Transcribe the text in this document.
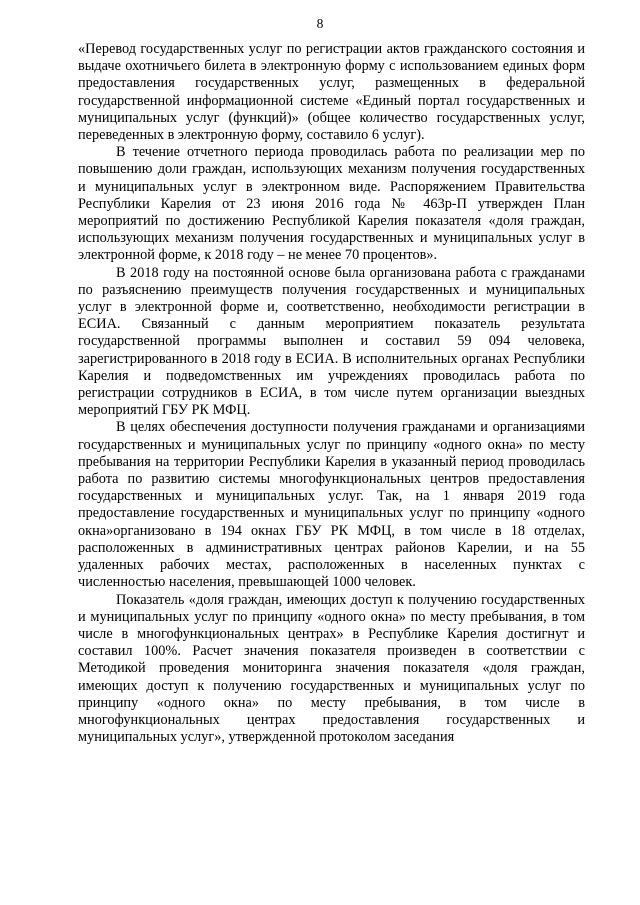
8

«Перевод государственных услуг по регистрации актов гражданского состояния и выдаче охотничьего билета в электронную форму с использованием единых форм предоставления государственных услуг, размещенных в федеральной государственной информационной системе «Единый портал государственных и муниципальных услуг (функций)» (общее количество государственных услуг, переведенных в электронную форму, составило 6 услуг).

В течение отчетного периода проводилась работа по реализации мер по повышению доли граждан, использующих механизм получения государственных и муниципальных услуг в электронном виде. Распоряжением Правительства Республики Карелия от 23 июня 2016 года № 463р-П утвержден План мероприятий по достижению Республикой Карелия показателя «доля граждан, использующих механизм получения государственных и муниципальных услуг в электронной форме, к 2018 году – не менее 70 процентов».

В 2018 году на постоянной основе была организована работа с гражданами по разъяснению преимуществ получения государственных и муниципальных услуг в электронной форме и, соответственно, необходимости регистрации в ЕСИА. Связанный с данным мероприятием показатель результата государственной программы выполнен и составил 59 094 человека, зарегистрированного в 2018 году в ЕСИА. В исполнительных органах Республики Карелия и подведомственных им учреждениях проводилась работа по регистрации сотрудников в ЕСИА, в том числе путем организации выездных мероприятий ГБУ РК МФЦ.

В целях обеспечения доступности получения гражданами и организациями государственных и муниципальных услуг по принципу «одного окна» по месту пребывания на территории Республики Карелия в указанный период проводилась работа по развитию системы многофункциональных центров предоставления государственных и муниципальных услуг. Так, на 1 января 2019 года предоставление государственных и муниципальных услуг по принципу «одного окна»организовано в 194 окнах ГБУ РК МФЦ, в том числе в 18 отделах, расположенных в административных центрах районов Карелии, и на 55 удаленных рабочих местах, расположенных в населенных пунктах с численностью населения, превышающей 1000 человек.

Показатель «доля граждан, имеющих доступ к получению государственных и муниципальных услуг по принципу «одного окна» по месту пребывания, в том числе в многофункциональных центрах» в Республике Карелия достигнут и составил 100%. Расчет значения показателя произведен в соответствии с Методикой проведения мониторинга значения показателя «доля граждан, имеющих доступ к получению государственных и муниципальных услуг по принципу «одного окна» по месту пребывания, в том числе в многофункциональных центрах предоставления государственных и муниципальных услуг», утвержденной протоколом заседания
